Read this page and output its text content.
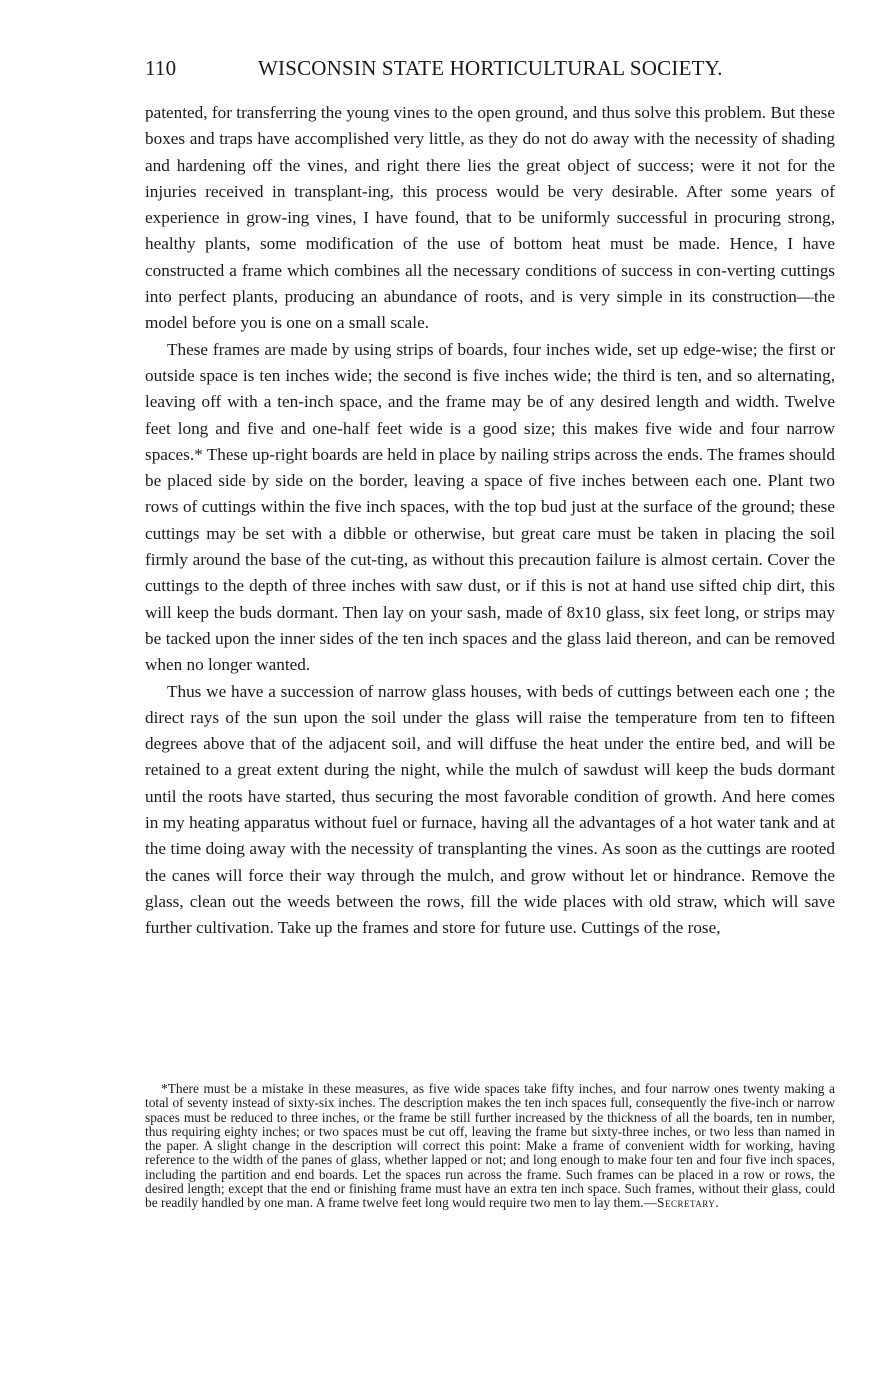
110	WISCONSIN STATE HORTICULTURAL SOCIETY.

patented, for transferring the young vines to the open ground, and thus solve this problem. But these boxes and traps have accomplished very little, as they do not do away with the necessity of shading and hardening off the vines, and right there lies the great object of success; were it not for the injuries received in transplant-ing, this process would be very desirable. After some years of experience in grow-ing vines, I have found, that to be uniformly successful in procuring strong, healthy plants, some modification of the use of bottom heat must be made. Hence, I have constructed a frame which combines all the necessary conditions of success in con-verting cuttings into perfect plants, producing an abundance of roots, and is very simple in its construction—the model before you is one on a small scale.

These frames are made by using strips of boards, four inches wide, set up edge-wise; the first or outside space is ten inches wide; the second is five inches wide; the third is ten, and so alternating, leaving off with a ten-inch space, and the frame may be of any desired length and width. Twelve feet long and five and one-half feet wide is a good size; this makes five wide and four narrow spaces.* These up-right boards are held in place by nailing strips across the ends. The frames should be placed side by side on the border, leaving a space of five inches between each one. Plant two rows of cuttings within the five inch spaces, with the top bud just at the surface of the ground; these cuttings may be set with a dibble or otherwise, but great care must be taken in placing the soil firmly around the base of the cut-ting, as without this precaution failure is almost certain. Cover the cuttings to the depth of three inches with saw dust, or if this is not at hand use sifted chip dirt, this will keep the buds dormant. Then lay on your sash, made of 8x10 glass, six feet long, or strips may be tacked upon the inner sides of the ten inch spaces and the glass laid thereon, and can be removed when no longer wanted.

Thus we have a succession of narrow glass houses, with beds of cuttings between each one ; the direct rays of the sun upon the soil under the glass will raise the temperature from ten to fifteen degrees above that of the adjacent soil, and will diffuse the heat under the entire bed, and will be retained to a great extent during the night, while the mulch of sawdust will keep the buds dormant until the roots have started, thus securing the most favorable condition of growth. And here comes in my heating apparatus without fuel or furnace, having all the advantages of a hot water tank and at the time doing away with the necessity of transplanting the vines. As soon as the cuttings are rooted the canes will force their way through the mulch, and grow without let or hindrance. Remove the glass, clean out the weeds between the rows, fill the wide places with old straw, which will save further cultivation. Take up the frames and store for future use. Cuttings of the rose,

*There must be a mistake in these measures, as five wide spaces take fifty inches, and four narrow ones twenty making a total of seventy instead of sixty-six inches. The description makes the ten inch spaces full, consequently the five-inch or narrow spaces must be reduced to three inches, or the frame be still further increased by the thickness of all the boards, ten in number, thus requiring eighty inches; or two spaces must be cut off, leaving the frame but sixty-three inches, or two less than named in the paper. A slight change in the description will correct this point: Make a frame of convenient width for working, having reference to the width of the panes of glass, whether lapped or not; and long enough to make four ten and four five inch spaces, including the partition and end boards. Let the spaces run across the frame. Such frames can be placed in a row or rows, the desired length; except that the end or finishing frame must have an extra ten inch space. Such frames, without their glass, could be readily handled by one man. A frame twelve feet long would require two men to lay them.—Secretary.
